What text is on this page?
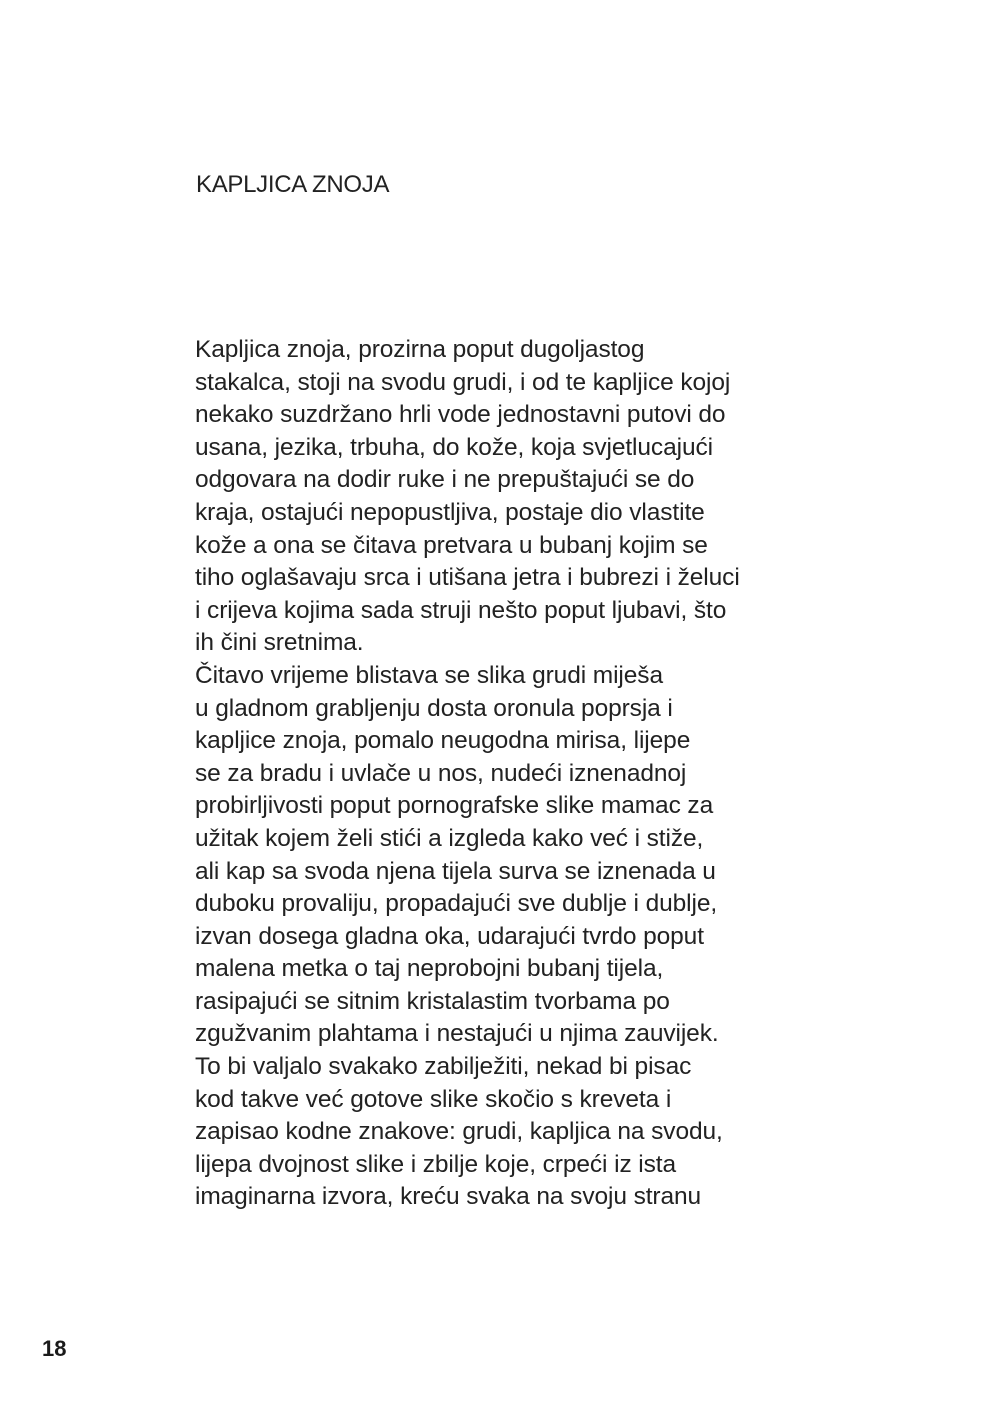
KAPLJICA ZNOJA
Kapljica znoja, prozirna poput dugoljastog
stakalca, stoji na svodu grudi, i od te kapljice kojoj
nekako suzdržano hrli vode jednostavni putovi do
usana, jezika, trbuha, do kože, koja svjetlucajući
odgovara na dodir ruke i ne prepuštajući se do
kraja, ostajući nepopustljiva, postaje dio vlastite
kože a ona se čitava pretvara u bubanj kojim se
tiho oglašavaju srca i utišana jetra i bubrezi i želuci
i crijeva kojima sada struji nešto poput ljubavi, što
ih čini sretnima.
Čitavo vrijeme blistava se slika grudi miješa
u gladnom grabljenju dosta oronula poprsja i
kapljice znoja, pomalo neugodna mirisa, lijepe
se za bradu i uvlače u nos, nudeći iznenadnoj
probirljivosti poput pornografske slike mamac za
užitak kojem želi stići a izgleda kako već i stiže,
ali kap sa svoda njena tijela surva se iznenada u
duboku provaliju, propadajući sve dublje i dublje,
izvan dosega gladna oka, udarajući tvrdo poput
malena metka o taj neprobojni bubanj tijela,
rasipajući se sitnim kristalastim tvorbama po
zgužvanim plahtama i nestajući u njima zauvijek.
To bi valjalo svakako zabilježiti, nekad bi pisac
kod takve već gotove slike skočio s kreveta i
zapisao kodne znakove: grudi, kapljica na svodu,
lijepa dvojnost slike i zbilje koje, crpeći iz ista
imaginarna izvora, kreću svaka na svoju stranu
18
